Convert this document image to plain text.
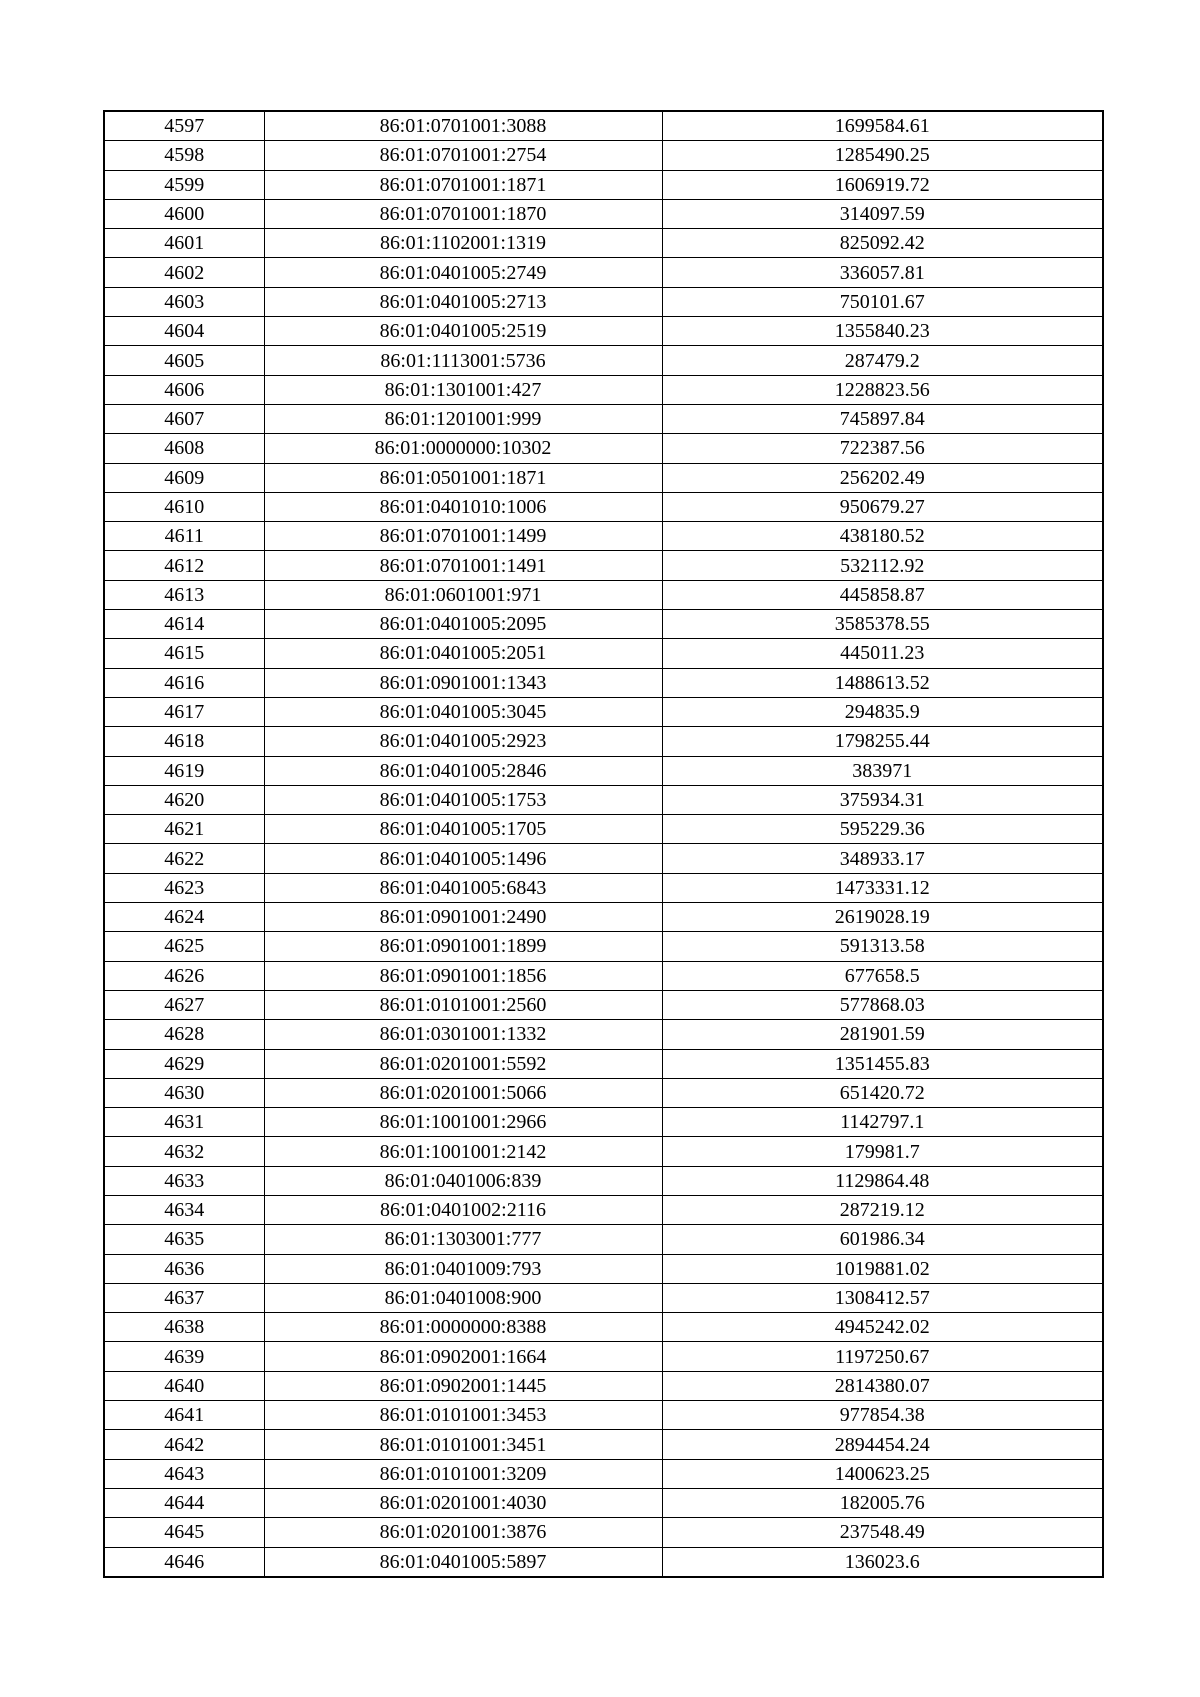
4597	86:01:0701001:3088	1699584.61
4598	86:01:0701001:2754	1285490.25
4599	86:01:0701001:1871	1606919.72
4600	86:01:0701001:1870	314097.59
4601	86:01:1102001:1319	825092.42
4602	86:01:0401005:2749	336057.81
4603	86:01:0401005:2713	750101.67
4604	86:01:0401005:2519	1355840.23
4605	86:01:1113001:5736	287479.2
4606	86:01:1301001:427	1228823.56
4607	86:01:1201001:999	745897.84
4608	86:01:0000000:10302	722387.56
4609	86:01:0501001:1871	256202.49
4610	86:01:0401010:1006	950679.27
4611	86:01:0701001:1499	438180.52
4612	86:01:0701001:1491	532112.92
4613	86:01:0601001:971	445858.87
4614	86:01:0401005:2095	3585378.55
4615	86:01:0401005:2051	445011.23
4616	86:01:0901001:1343	1488613.52
4617	86:01:0401005:3045	294835.9
4618	86:01:0401005:2923	1798255.44
4619	86:01:0401005:2846	383971
4620	86:01:0401005:1753	375934.31
4621	86:01:0401005:1705	595229.36
4622	86:01:0401005:1496	348933.17
4623	86:01:0401005:6843	1473331.12
4624	86:01:0901001:2490	2619028.19
4625	86:01:0901001:1899	591313.58
4626	86:01:0901001:1856	677658.5
4627	86:01:0101001:2560	577868.03
4628	86:01:0301001:1332	281901.59
4629	86:01:0201001:5592	1351455.83
4630	86:01:0201001:5066	651420.72
4631	86:01:1001001:2966	1142797.1
4632	86:01:1001001:2142	179981.7
4633	86:01:0401006:839	1129864.48
4634	86:01:0401002:2116	287219.12
4635	86:01:1303001:777	601986.34
4636	86:01:0401009:793	1019881.02
4637	86:01:0401008:900	1308412.57
4638	86:01:0000000:8388	4945242.02
4639	86:01:0902001:1664	1197250.67
4640	86:01:0902001:1445	2814380.07
4641	86:01:0101001:3453	977854.38
4642	86:01:0101001:3451	2894454.24
4643	86:01:0101001:3209	1400623.25
4644	86:01:0201001:4030	182005.76
4645	86:01:0201001:3876	237548.49
4646	86:01:0401005:5897	136023.6
